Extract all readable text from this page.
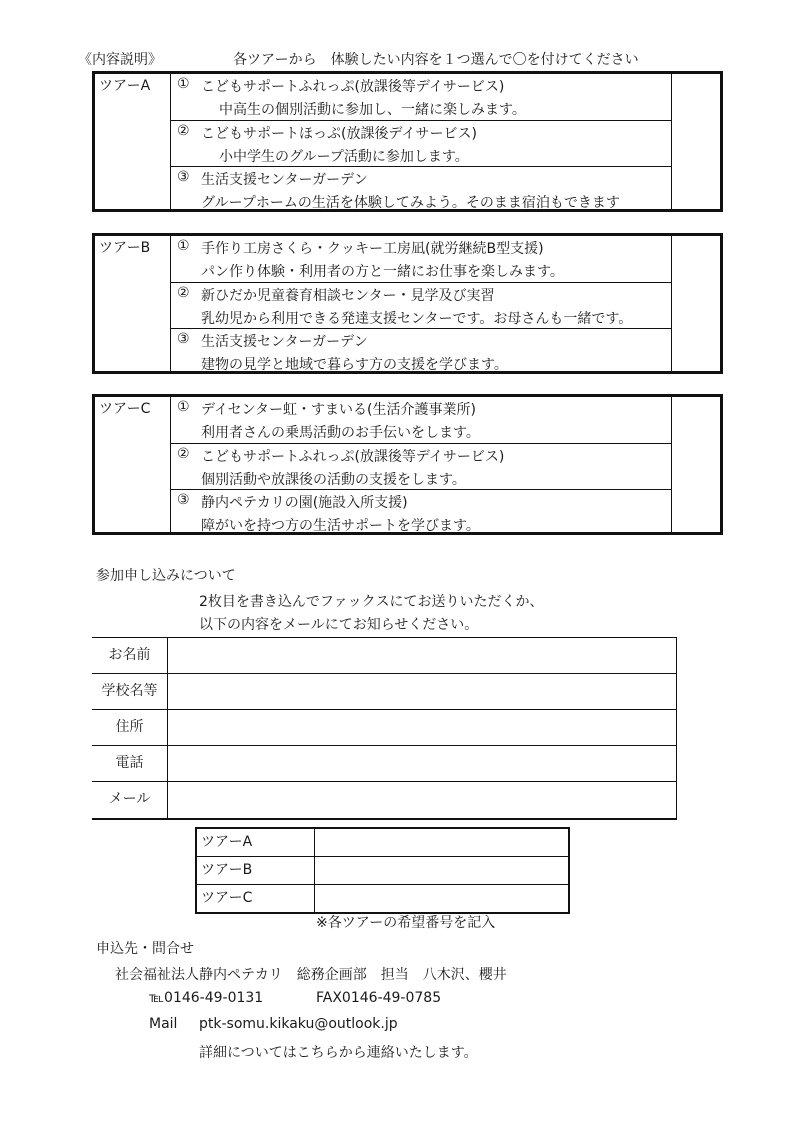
《内容説明》	各ツアーから　体験したい内容を１つ選んで〇を付けてください
ツアーA ① こどもサポートふれっぷ(放課後等デイサービス)
中高生の個別活動に参加し、一緒に楽しみます。
② こどもサポートほっぷ(放課後デイサービス)
小中学生のグループ活動に参加します。
③ 生活支援センターガーデン
グループホームの生活を体験してみよう。そのまま宿泊もできます
ツアーB ① 手作り工房さくら・クッキー工房凪(就労継続B型支援)
パン作り体験・利用者の方と一緒にお仕事を楽しみます。
② 新ひだか児童養育相談センター・見学及び実習
乳幼児から利用できる発達支援センターです。お母さんも一緒です。
③ 生活支援センターガーデン
建物の見学と地域で暮らす方の支援を学びます。
ツアーC ① デイセンター虹・すまいる(生活介護事業所)
利用者さんの乗馬活動のお手伝いをします。
② こどもサポートふれっぷ(放課後等デイサービス)
個別活動や放課後の活動の支援をします。
③ 静内ペテカリの園(施設入所支援)
障がいを持つ方の生活サポートを学びます。
参加申し込みについて
2枚目を書き込んでファックスにてお送りいただくか、
以下の内容をメールにてお知らせください。
お名前
学校名等
住所
電話
メール
ツアーA
ツアーB
ツアーC
※各ツアーの希望番号を記入
申込先・問合せ
社会福祉法人静内ペテカリ　総務企画部　担当　八木沢、櫻井
℡0146-49-0131	FAX0146-49-0785
Mail ptk-somu.kikaku@outlook.jp
詳細についてはこちらから連絡いたします。
